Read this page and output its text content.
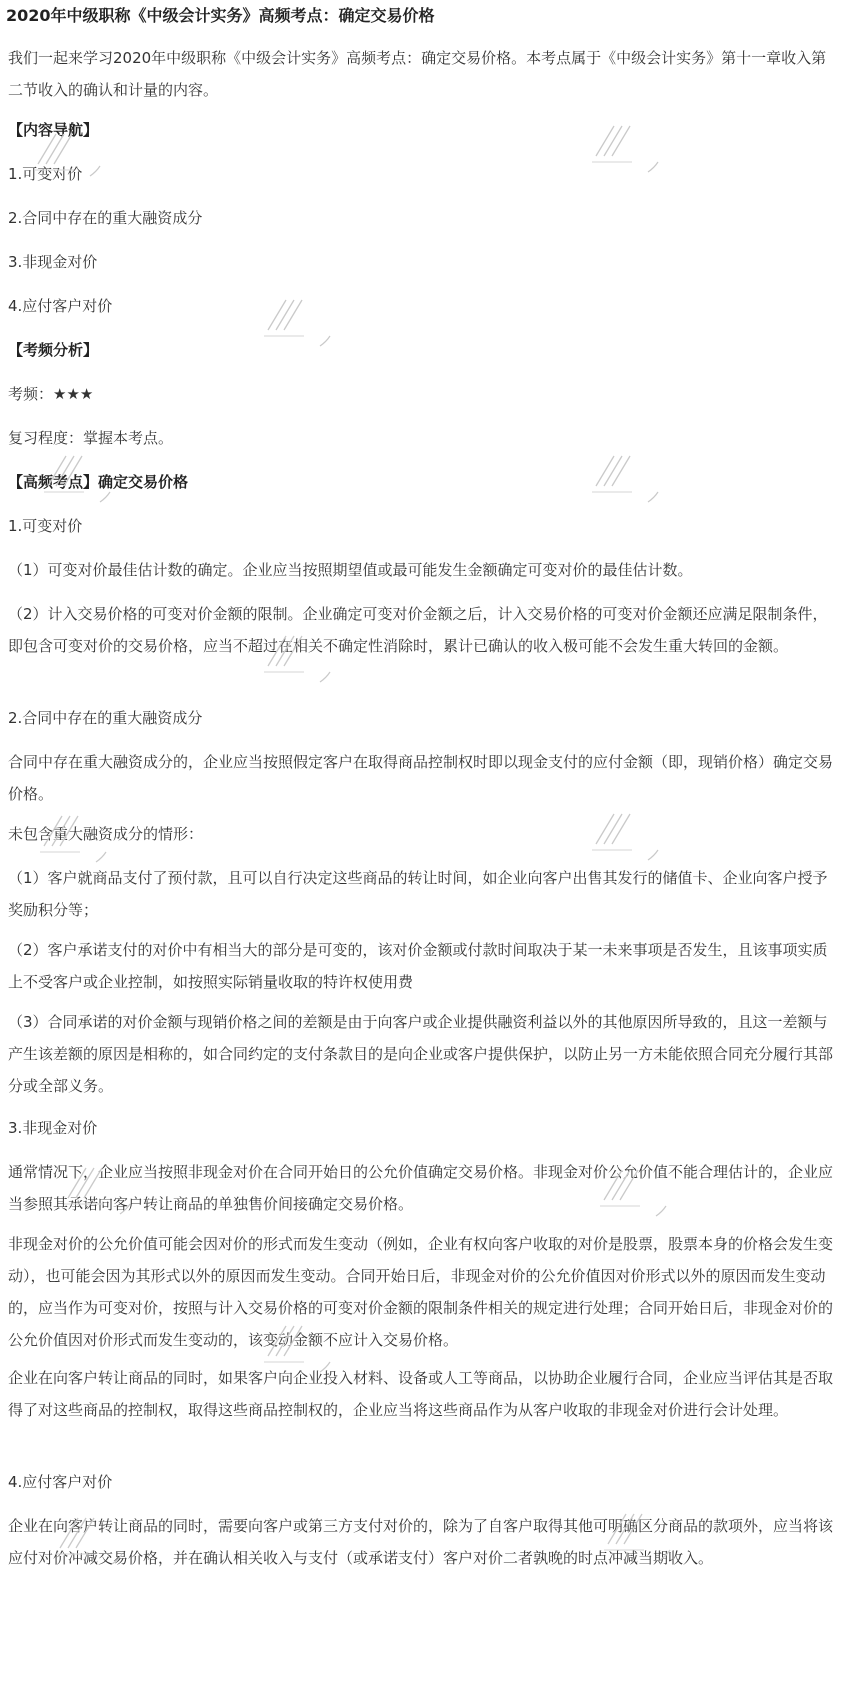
2020年中级职称《中级会计实务》高频考点：确定交易价格

我们一起来学习2020年中级职称《中级会计实务》高频考点：确定交易价格。本考点属于《中级会计实务》第十一章收入第二节收入的确认和计量的内容。

【内容导航】

1.可变对价

2.合同中存在的重大融资成分

3.非现金对价

4.应付客户对价

【考频分析】

考频：★★★

复习程度：掌握本考点。

【高频考点】确定交易价格

1.可变对价

（1）可变对价最佳估计数的确定。企业应当按照期望值或最可能发生金额确定可变对价的最佳估计数。

（2）计入交易价格的可变对价金额的限制。企业确定可变对价金额之后，计入交易价格的可变对价金额还应满足限制条件，即包含可变对价的交易价格，应当不超过在相关不确定性消除时，累计已确认的收入极可能不会发生重大转回的金额。

2.合同中存在的重大融资成分

合同中存在重大融资成分的，企业应当按照假定客户在取得商品控制权时即以现金支付的应付金额（即，现销价格）确定交易价格。

未包含重大融资成分的情形：

（1）客户就商品支付了预付款，且可以自行决定这些商品的转让时间，如企业向客户出售其发行的储值卡、企业向客户授予奖励积分等；

（2）客户承诺支付的对价中有相当大的部分是可变的，该对价金额或付款时间取决于某一未来事项是否发生，且该事项实质上不受客户或企业控制，如按照实际销量收取的特许权使用费

（3）合同承诺的对价金额与现销价格之间的差额是由于向客户或企业提供融资利益以外的其他原因所导致的，且这一差额与产生该差额的原因是相称的，如合同约定的支付条款目的是向企业或客户提供保护，以防止另一方未能依照合同充分履行其部分或全部义务。

3.非现金对价

通常情况下，企业应当按照非现金对价在合同开始日的公允价值确定交易价格。非现金对价公允价值不能合理估计的，企业应当参照其承诺向客户转让商品的单独售价间接确定交易价格。

非现金对价的公允价值可能会因对价的形式而发生变动（例如，企业有权向客户收取的对价是股票，股票本身的价格会发生变动），也可能会因为其形式以外的原因而发生变动。合同开始日后，非现金对价的公允价值因对价形式以外的原因而发生变动的，应当作为可变对价，按照与计入交易价格的可变对价金额的限制条件相关的规定进行处理；合同开始日后，非现金对价的公允价值因对价形式而发生变动的，该变动金额不应计入交易价格。

企业在向客户转让商品的同时，如果客户向企业投入材料、设备或人工等商品，以协助企业履行合同，企业应当评估其是否取得了对这些商品的控制权，取得这些商品控制权的，企业应当将这些商品作为从客户收取的非现金对价进行会计处理。

4.应付客户对价

企业在向客户转让商品的同时，需要向客户或第三方支付对价的，除为了自客户取得其他可明确区分商品的款项外，应当将该应付对价冲减交易价格，并在确认相关收入与支付（或承诺支付）客户对价二者孰晚的时点冲减当期收入。
